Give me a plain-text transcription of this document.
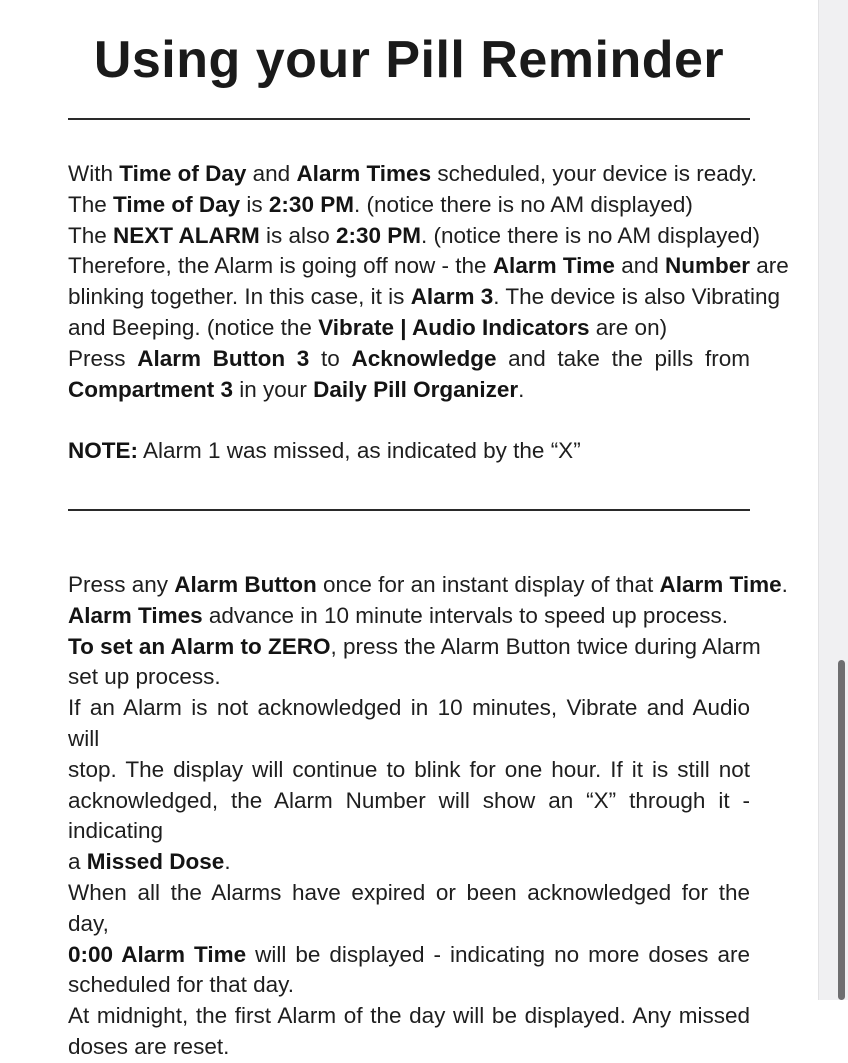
Using your Pill Reminder
With Time of Day and Alarm Times scheduled, your device is ready.
The Time of Day is 2:30 PM. (notice there is no AM displayed)
The NEXT ALARM is also 2:30 PM. (notice there is no AM displayed)
Therefore, the Alarm is going off now - the Alarm Time and Number are
blinking together. In this case, it is Alarm 3. The device is also Vibrating
and Beeping. (notice the Vibrate | Audio Indicators are on)
Press Alarm Button 3 to Acknowledge and take the pills from
Compartment 3 in your Daily Pill Organizer.
NOTE: Alarm 1 was missed, as indicated by the “X”
Press any Alarm Button once for an instant display of that Alarm Time.
Alarm Times advance in 10 minute intervals to speed up process.
To set an Alarm to ZERO, press the Alarm Button twice during Alarm
set up process.
If an Alarm is not acknowledged in 10 minutes, Vibrate and Audio will
stop. The display will continue to blink for one hour. If it is still not
acknowledged, the Alarm Number will show an “X” through it - indicating
a Missed Dose.
When all the Alarms have expired or been acknowledged for the day,
0:00 Alarm Time will be displayed - indicating no more doses are
scheduled for that day.
At midnight, the first Alarm of the day will be displayed. Any missed
doses are reset.
